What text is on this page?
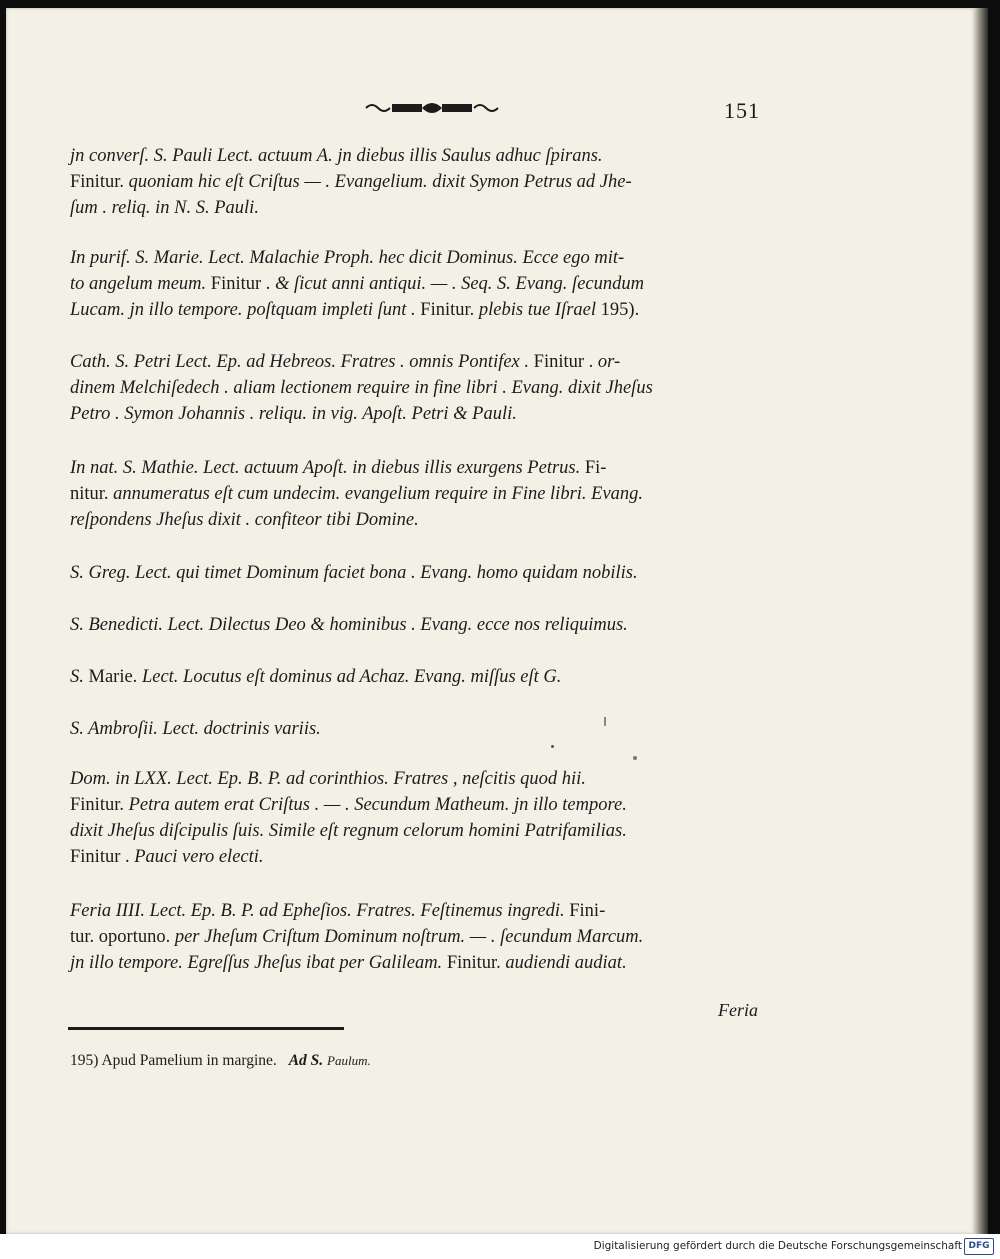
151
jn converſ. S. Pauli Lect. actuum A. jn diebus illis Saulus adhuc ſpirans.
Finitur. quoniam hic eſt Criſtus — . Evangelium. dixit Symon Petrus ad Jhe-
ſum . reliq. in N. S. Pauli.
In purif. S. Marie. Lect. Malachie Proph. hec dicit Dominus. Ecce ego mit-
to angelum meum. Finitur . & ſicut anni antiqui. — . Seq. S. Evang. ſecundum
Lucam. jn illo tempore. poſtquam impleti ſunt . Finitur. plebis tue Iſrael 195).
Cath. S. Petri Lect. Ep. ad Hebreos. Fratres . omnis Pontifex . Finitur . or-
dinem Melchiſedech . aliam lectionem require in fine libri . Evang. dixit Jheſus
Petro . Symon Johannis . reliqu. in vig. Apoſt. Petri & Pauli.
In nat. S. Mathie. Lect. actuum Apoſt. in diebus illis exurgens Petrus. Fi-
nitur. annumeratus eſt cum undecim. evangelium require in Fine libri. Evang.
reſpondens Jheſus dixit . confiteor tibi Domine.
S. Greg. Lect. qui timet Dominum faciet bona . Evang. homo quidam nobilis.
S. Benedicti. Lect. Dilectus Deo & hominibus . Evang. ecce nos reliquimus.
S. Marie. Lect. Locutus eſt dominus ad Achaz. Evang. miſſus eſt G.
S. Ambroſii. Lect. doctrinis variis.
Dom. in LXX. Lect. Ep. B. P. ad corinthios. Fratres , neſcitis quod hii.
Finitur. Petra autem erat Criſtus . — . Secundum Matheum. jn illo tempore.
dixit Jheſus diſcipulis ſuis. Simile eſt regnum celorum homini Patrifamilias.
Finitur . Pauci vero electi.
Feria IIII. Lect. Ep. B. P. ad Epheſios. Fratres. Feſtinemus ingredi. Fini-
tur. oportuno. per Jheſum Criſtum Dominum noſtrum. — . ſecundum Marcum.
jn illo tempore. Egreſſus Jheſus ibat per Galileam. Finitur. audiendi audiat.
Feria
195) Apud Pamelium in margine. Ad S. Paulum.
Digitalisierung gefördert durch die Deutsche Forschungsgemeinschaft DFG
